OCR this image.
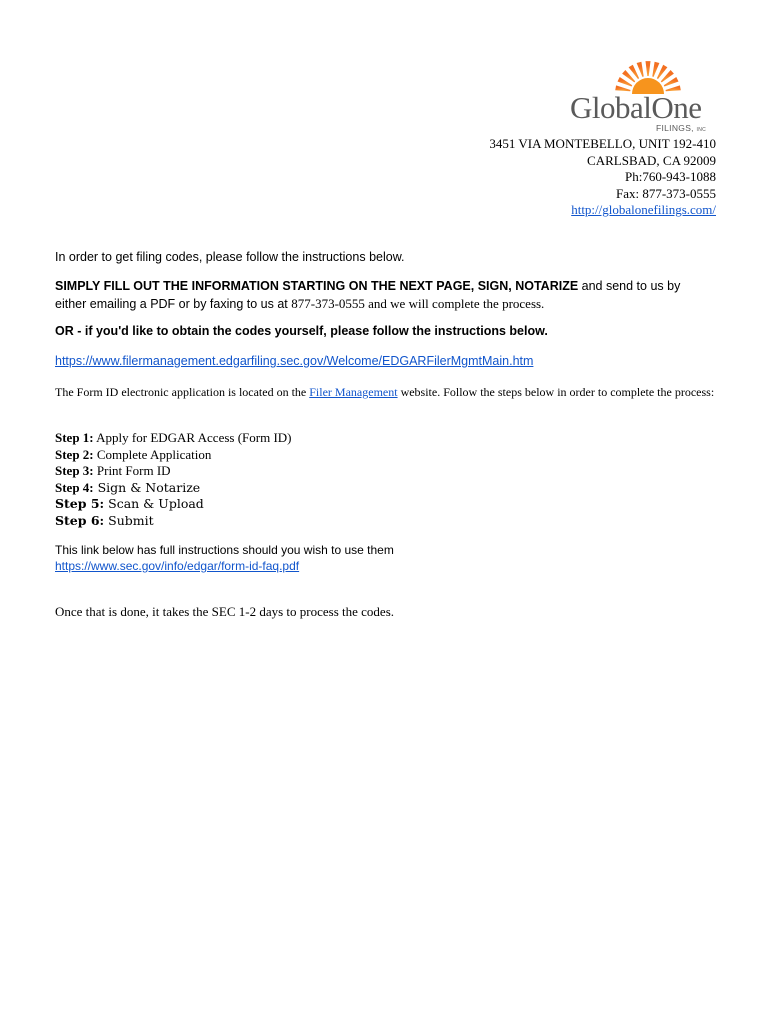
GlobalOne
FILINGS, INC
3451 VIA MONTEBELLO, UNIT 192-410
CARLSBAD, CA 92009
Ph:760-943-1088
Fax: 877-373-0555
http://globalonefilings.com/
In order to get filing codes, please follow the instructions below.
SIMPLY FILL OUT THE INFORMATION STARTING ON THE NEXT PAGE, SIGN, NOTARIZE and send to us by
either emailing a PDF or by faxing to us at 877-373-0555 and we will complete the process.
OR - if you'd like to obtain the codes yourself, please follow the instructions below.
https://www.filermanagement.edgarfiling.sec.gov/Welcome/EDGARFilerMgmtMain.htm
The Form ID electronic application is located on the Filer Management website. Follow the steps below in order to complete the process:
Step 1: Apply for EDGAR Access (Form ID)
Step 2: Complete Application
Step 3: Print Form ID
Step 4: Sign & Notarize
Step 5: Scan & Upload
Step 6: Submit
This link below has full instructions should you wish to use them
https://www.sec.gov/info/edgar/form-id-faq.pdf
Once that is done, it takes the SEC 1-2 days to process the codes.
